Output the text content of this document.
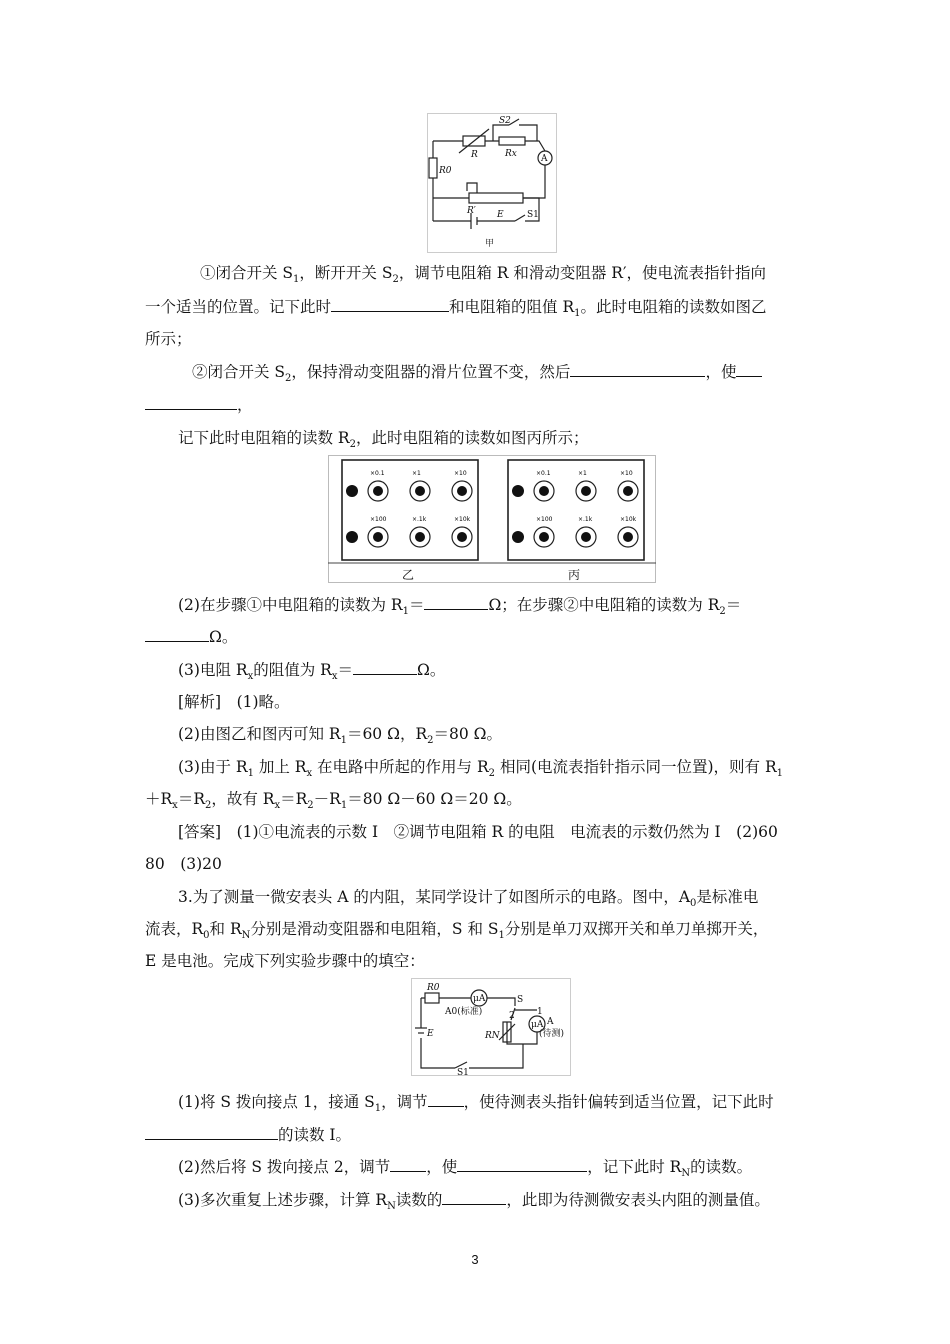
S2
R	Rx	A
R0
R′ E	S1
甲
①闭合开关 $S_1$，断开开关 $S_2$，调节电阻箱 R 和滑动变阻器 R′，使电流表指针指向
一个适当的位置。记下此时	和电阻箱的阻值 $R_1$。此时电阻箱的读数如图乙
所示；
②闭合开关 $S_2$，保持滑动变阻器的滑片位置不变，然后	，使
，
记下此时电阻箱的读数 $R_2$，此时电阻箱的读数如图丙所示；
×0.1	×1	×10
×100	×.1k	×10k
×0.1	×1	×10
×100	×.1k	×10k
乙	丙
(2)在步骤①中电阻箱的读数为 $R_1=$	Ω；在步骤②中电阻箱的读数为 $R_2=$
Ω。
(3)电阻 $R_x$的阻值为 $R_x=$	Ω。
[解析]　(1)略。
(2)由图乙和图丙可知 $R_1=60$ Ω，$R_2=80$ Ω。
(3)由于 $R_1$ 加上 $R_x$ 在电路中所起的作用与 $R_2$ 相同(电流表指针指示同一位置)，则有 $R_1$
$+R_x=R_2$，故有 $R_x=R_2-R_1=80$ Ω－60 Ω＝20 Ω。
[答案]　(1)①电流表的示数 I　②调节电阻箱 R 的电阻　电流表的示数仍然为 I　(2)60
80　(3)20
3.为了测量一微安表头 A 的内阻，某同学设计了如图所示的电路。图中，$A_0$是标准电
流表，$R_0$和 $R_N$分别是滑动变阻器和电阻箱，S 和 $S_1$分别是单刀双掷开关和单刀单掷开关，
E 是电池。完成下列实验步骤中的填空：
R0
μA
A0(标准)
S
E	RN
2 1
μA A
(待测)
S1
(1)将 S 拨向接点 1，接通 $S_1$，调节 ，使待测表头指针偏转到适当位置，记下此时
的读数 I。
(2)然后将 S 拨向接点 2，调节 ，使	，记下此时 $R_N$的读数。
(3)多次重复上述步骤，计算 $R_N$读数的	，此即为待测微安表头内阻的测量值。
3
